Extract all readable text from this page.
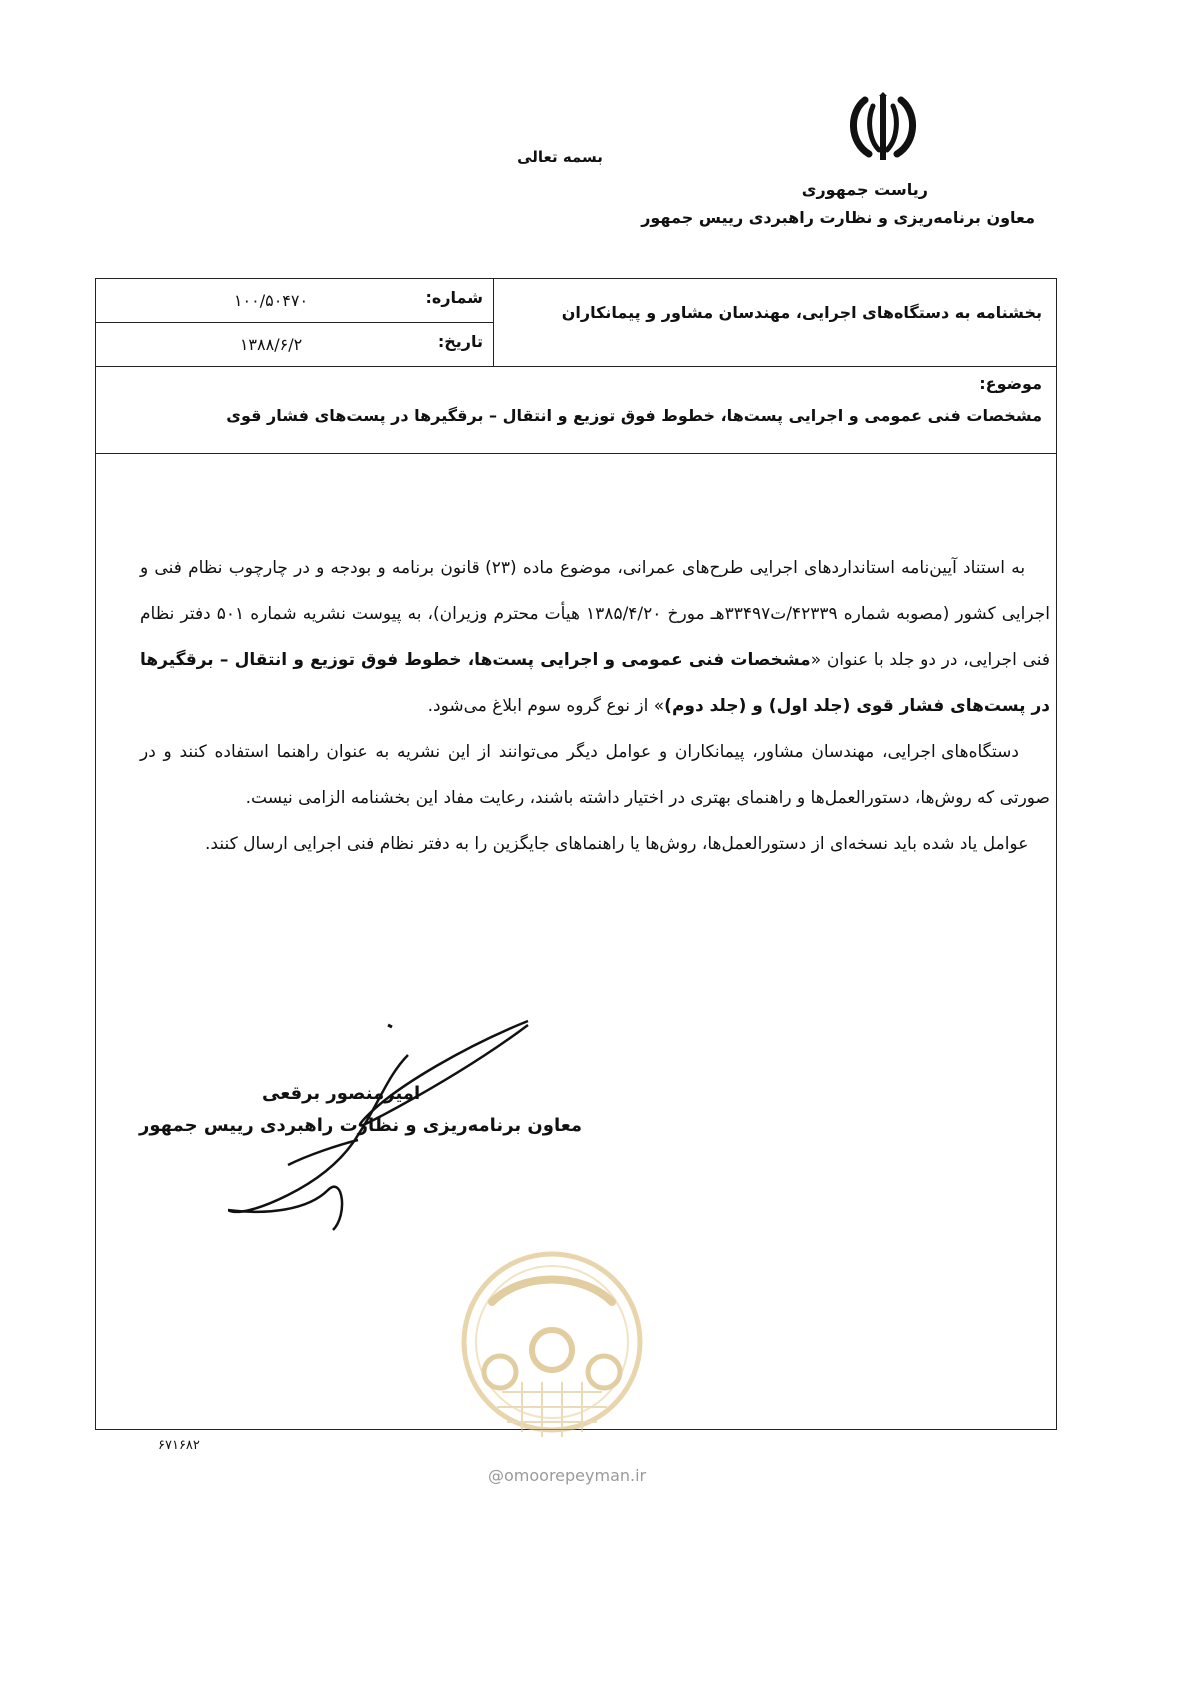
بسمه تعالی
ریاست جمهوری
معاون برنامه‌ریزی و نظارت راهبردی رییس جمهور
بخشنامه به دستگاه‌های اجرایی، مهندسان مشاور و پیمانکاران
شماره:
۱۰۰/۵۰۴۷۰
تاریخ:
۱۳۸۸/۶/۲
موضوع:
مشخصات فنی عمومی و اجرایی پست‌ها، خطوط فوق توزیع و انتقال – برقگیرها در پست‌های فشار قوی

به استناد آیین‌نامه استانداردهای اجرایی طرح‌های عمرانی، موضوع ماده (۲۳) قانون برنامه و بودجه و در چارچوب نظام فنی و اجرایی کشور (مصوبه شماره ۴۲۳۳۹/ت۳۳۴۹۷هـ مورخ ۱۳۸۵/۴/۲۰ هیأت محترم وزیران)، به پیوست نشریه شماره ۵۰۱ دفتر نظام فنی اجرایی، در دو جلد با عنوان «مشخصات فنی عمومی و اجرایی پست‌ها، خطوط فوق توزیع و انتقال – برقگیرها در پست‌های فشار قوی (جلد اول) و (جلد دوم)» از نوع گروه سوم ابلاغ می‌شود.

دستگاه‌های اجرایی، مهندسان مشاور، پیمانکاران و عوامل دیگر می‌توانند از این نشریه به عنوان راهنما استفاده کنند و در صورتی که روش‌ها، دستورالعمل‌ها و راهنمای بهتری در اختیار داشته باشند، رعایت مفاد این بخشنامه الزامی نیست.

عوامل یاد شده باید نسخه‌ای از دستورالعمل‌ها، روش‌ها یا راهنماهای جایگزین را به دفتر نظام فنی اجرایی ارسال کنند.

امیرمنصور برقعی
معاون برنامه‌ریزی و نظارت راهبردی رییس جمهور
۶۷۱۶۸۲
@omoorepeyman.ir
